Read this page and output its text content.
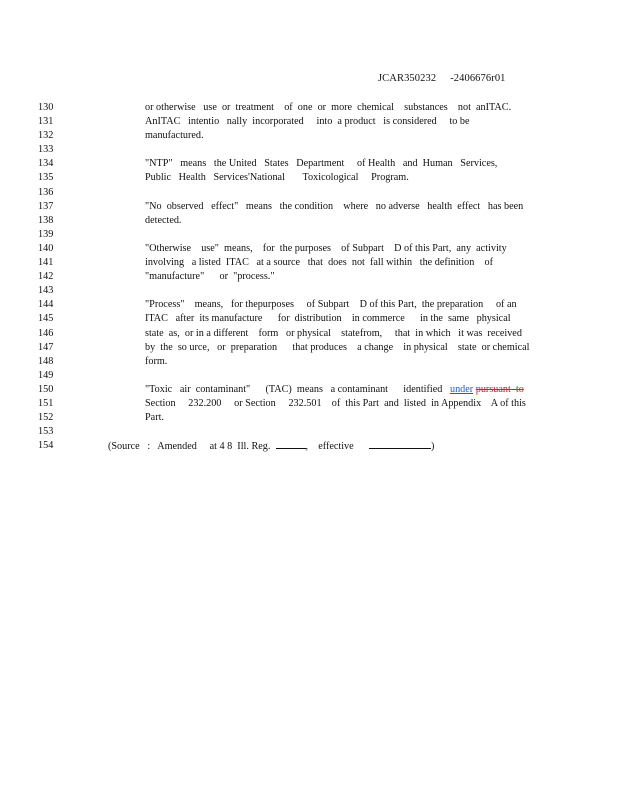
JCAR350232 -2406676r01
130	or otherwise   use  or  treatment    of  one  or  more  chemical    substances    not  anITAC.
131	AnITAC   intentio   nally  incorporated     into  a product   is considered     to be
132	manufactured.
133
134	"NTP"   means   the United   States   Department     of Health   and  Human   Services,
135	Public   Health   Services'National       Toxicological     Program.
136
137	"No  observed   effect"   means   the condition    where   no adverse   health  effect   has been
138	detected.
139
140	"Otherwise    use"  means,    for  the purposes    of Subpart    D of this Part,  any  activity
141	involving   a listed  ITAC   at a source   that  does  not  fall within   the definition    of
142	"manufacture"      or  "process."
143
144	"Process"    means,   for thepurposes     of Subpart    D of this Part,  the preparation     of an
145	ITAC   after  its manufacture      for  distribution    in commerce      in the  same   physical
146	state  as,  or in a different    form   or physical    statefrom,     that  in which   it was  received
147	by  the  so urce,   or  preparation      that produces    a change    in physical    state  or chemical
148	form.
149
150	"Toxic   air  contaminant"      (TAC)  means   a contaminant      identified under pursuant  to
151	Section     232.200     or Section     232.501    of  this Part  and  listed  in Appendix    A of this
152	Part.
153
154	(Source   :   Amended     at 4 8  Ill. Reg.	,    effective	)
